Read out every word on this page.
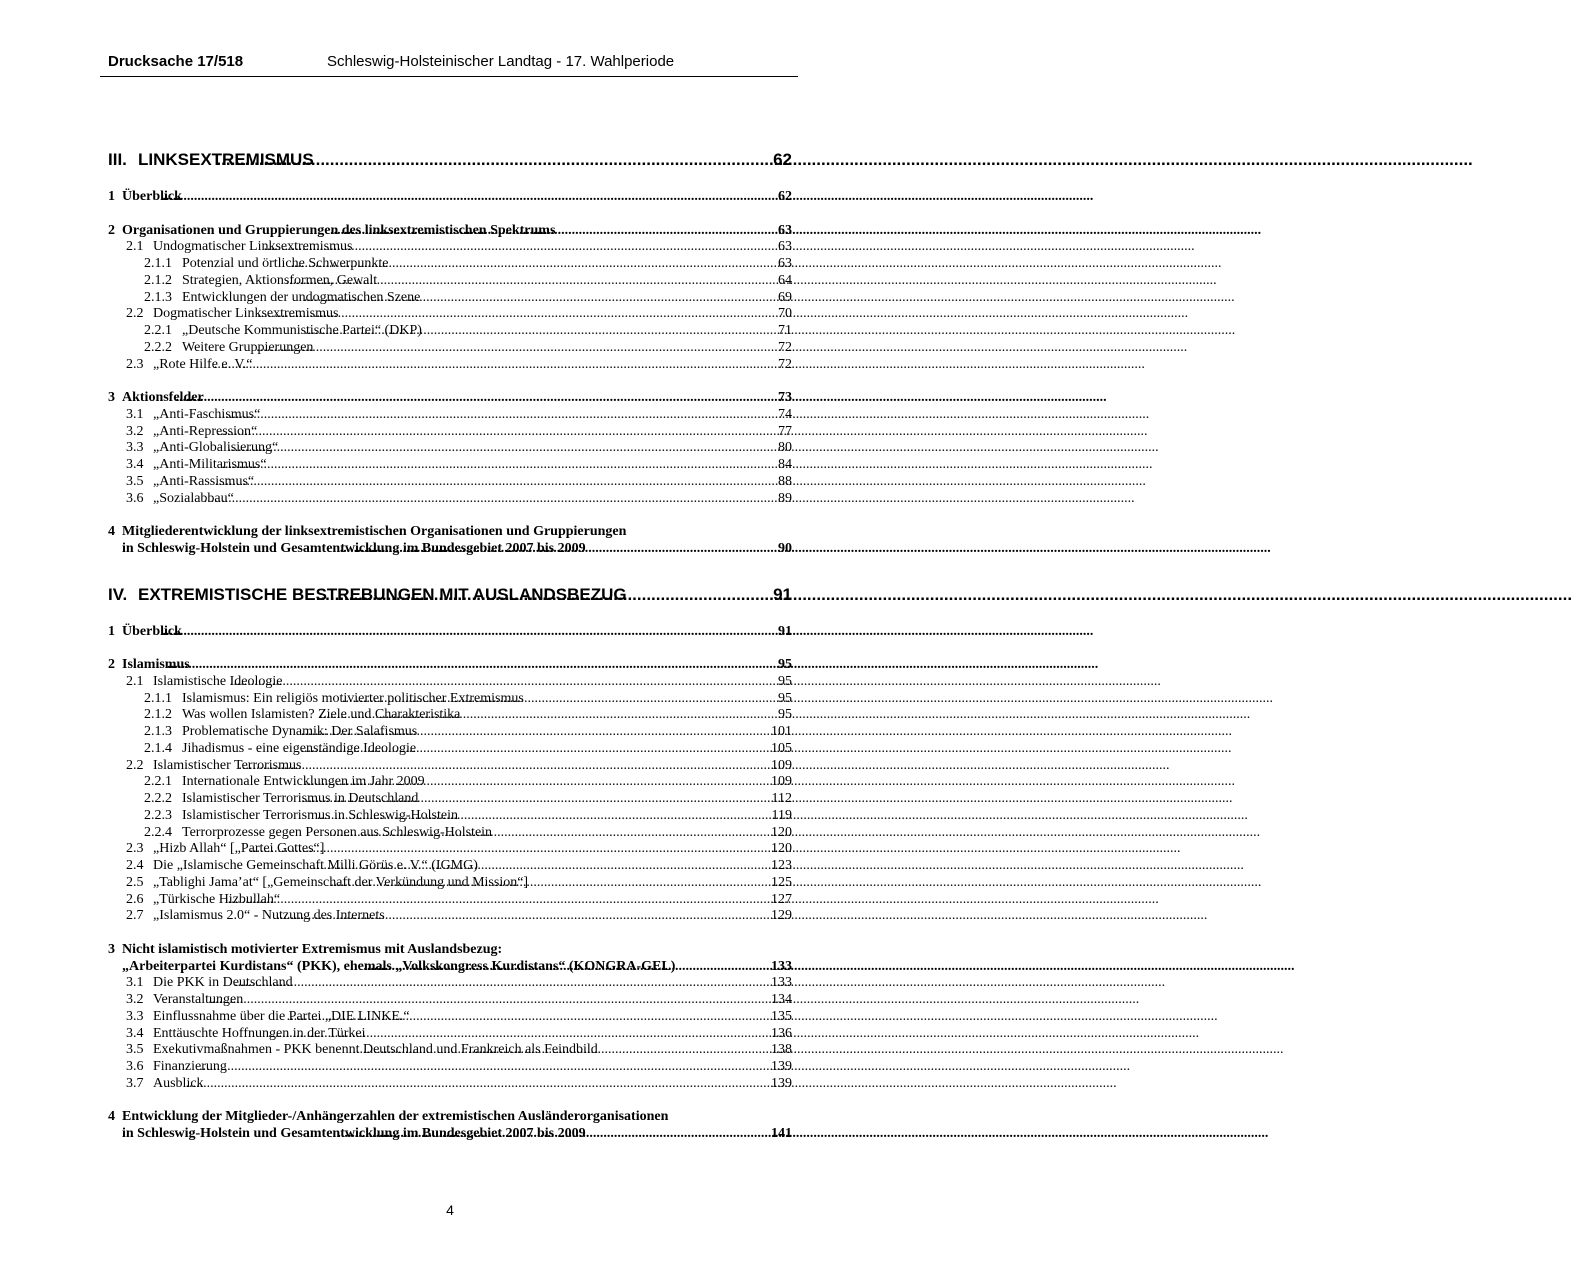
Drucksache 17/518	Schleswig-Holsteinischer Landtag - 17. Wahlperiode
III. LINKSEXTREMISMUS .....	62
1 Überblick .....	62
2 Organisationen und Gruppierungen des linksextremistischen Spektrums .....	63
2.1 Undogmatischer Linksextremismus .....	63
2.1.1 Potenzial und örtliche Schwerpunkte .....	63
2.1.2 Strategien, Aktionsformen, Gewalt .....	64
2.1.3 Entwicklungen der undogmatischen Szene .....	69
2.2 Dogmatischer Linksextremismus .....	70
2.2.1 „Deutsche Kommunistische Partei“ (DKP) .....	71
2.2.2 Weitere Gruppierungen .....	72
2.3 „Rote Hilfe e. V.“ .....	72
3 Aktionsfelder .....	73
3.1 „Anti-Faschismus“ .....	74
3.2 „Anti-Repression“ .....	77
3.3 „Anti-Globalisierung“ .....	80
3.4 „Anti-Militarismus“ .....	84
3.5 „Anti-Rassismus“ .....	88
3.6 „Sozialabbau“ .....	89
4 Mitgliederentwicklung der linksextremistischen Organisationen und Gruppierungen
in Schleswig-Holstein und Gesamtentwicklung im Bundesgebiet 2007 bis 2009 .....	90
IV. EXTREMISTISCHE BESTREBUNGEN MIT AUSLANDSBEZUG .....	91
1 Überblick .....	91
2 Islamismus .....	95
2.1 Islamistische Ideologie .....	95
2.1.1 Islamismus: Ein religiös motivierter politischer Extremismus .....	95
2.1.2 Was wollen Islamisten? Ziele und Charakteristika .....	95
2.1.3 Problematische Dynamik: Der Salafismus .....	101
2.1.4 Jihadismus - eine eigenständige Ideologie .....	105
2.2 Islamistischer Terrorismus .....	109
2.2.1 Internationale Entwicklungen im Jahr 2009 .....	109
2.2.2 Islamistischer Terrorismus in Deutschland .....	112
2.2.3 Islamistischer Terrorismus in Schleswig-Holstein .....	119
2.2.4 Terrorprozesse gegen Personen aus Schleswig-Holstein .....	120
2.3 „Hizb Allah“ [„Partei Gottes“] .....	120
2.4 Die „Islamische Gemeinschaft Milli Görüs e. V.“ (IGMG) .....	123
2.5 „Tablighi Jama’at“ [„Gemeinschaft der Verkündung und Mission“] .....	125
2.6 „Türkische Hizbullah“ .....	127
2.7 „Islamismus 2.0“ - Nutzung des Internets .....	129
3 Nicht islamistisch motivierter Extremismus mit Auslandsbezug:
„Arbeiterpartei Kurdistans“ (PKK), ehemals „Volkskongress Kurdistans“ (KONGRA-GEL) .....	133
3.1 Die PKK in Deutschland .....	133
3.2 Veranstaltungen .....	134
3.3 Einflussnahme über die Partei „DIE LINKE.“ .....	135
3.4 Enttäuschte Hoffnungen in der Türkei .....	136
3.5 Exekutivmaßnahmen - PKK benennt Deutschland und Frankreich als Feindbild .....	138
3.6 Finanzierung .....	139
3.7 Ausblick .....	139
4 Entwicklung der Mitglieder-/Anhängerzahlen der extremistischen Ausländerorganisationen
in Schleswig-Holstein und Gesamtentwicklung im Bundesgebiet 2007 bis 2009 .....	141
4
